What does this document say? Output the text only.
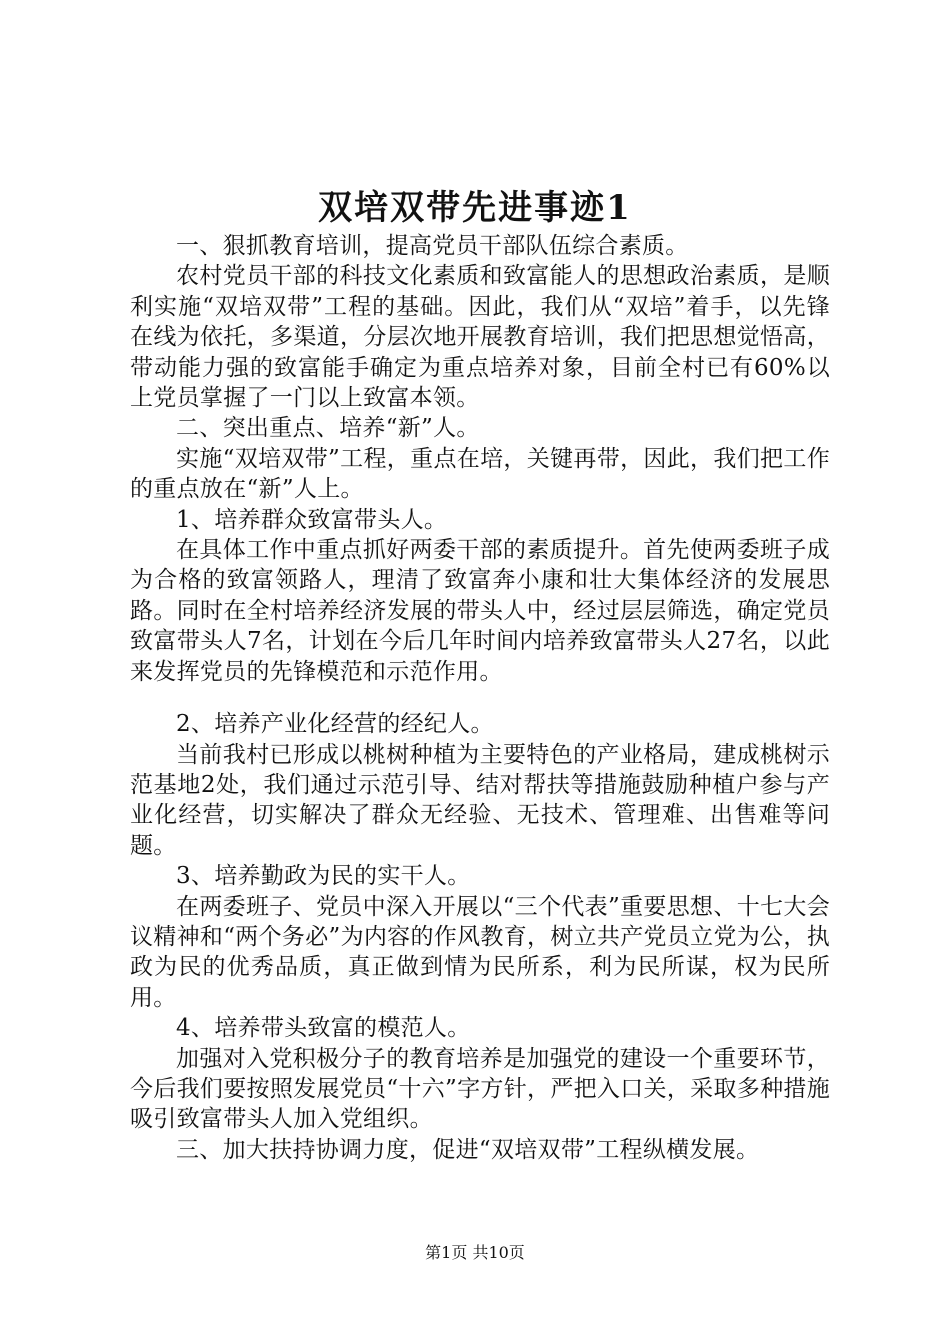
双培双带先进事迹1

一、狠抓教育培训，提高党员干部队伍综合素质。

农村党员干部的科技文化素质和致富能人的思想政治素质，是顺利实施“双培双带”工程的基础。因此，我们从“双培”着手，以先锋在线为依托，多渠道，分层次地开展教育培训，我们把思想觉悟高，带动能力强的致富能手确定为重点培养对象，目前全村已有60%以上党员掌握了一门以上致富本领。

二、突出重点、培养“新”人。

实施“双培双带”工程，重点在培，关键再带，因此，我们把工作的重点放在“新”人上。

1、培养群众致富带头人。

在具体工作中重点抓好两委干部的素质提升。首先使两委班子成为合格的致富领路人，理清了致富奔小康和壮大集体经济的发展思路。同时在全村培养经济发展的带头人中，经过层层筛选，确定党员致富带头人7名，计划在今后几年时间内培养致富带头人27名，以此来发挥党员的先锋模范和示范作用。

2、培养产业化经营的经纪人。

当前我村已形成以桃树种植为主要特色的产业格局，建成桃树示范基地2处，我们通过示范引导、结对帮扶等措施鼓励种植户参与产业化经营，切实解决了群众无经验、无技术、管理难、出售难等问题。

3、培养勤政为民的实干人。

在两委班子、党员中深入开展以“三个代表”重要思想、十七大会议精神和“两个务必”为内容的作风教育，树立共产党员立党为公，执政为民的优秀品质，真正做到情为民所系，利为民所谋，权为民所用。

4、培养带头致富的模范人。

加强对入党积极分子的教育培养是加强党的建设一个重要环节，今后我们要按照发展党员“十六”字方针，严把入口关，采取多种措施吸引致富带头人加入党组织。

三、加大扶持协调力度，促进“双培双带”工程纵横发展。

第1页 共10页
